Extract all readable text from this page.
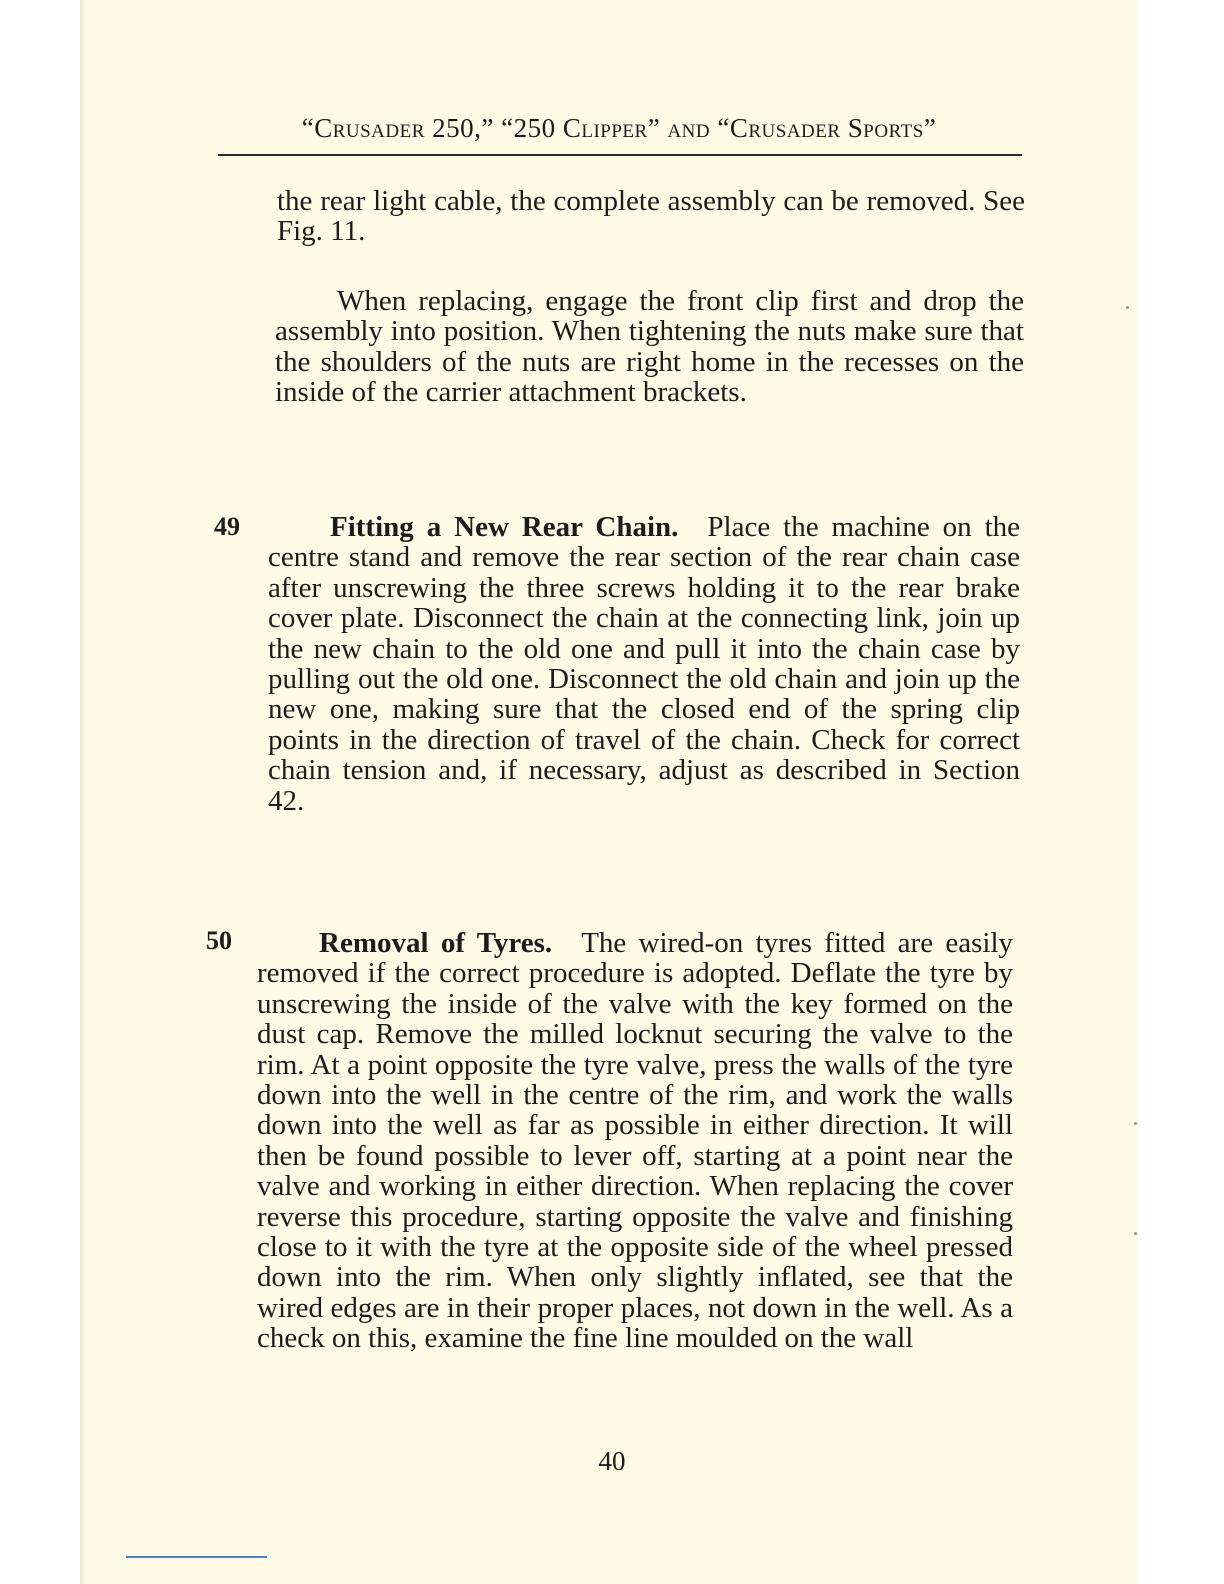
“Crusader 250,” “250 Clipper” and “Crusader Sports”

the rear light cable, the complete assembly can be removed. See Fig. 11.

When replacing, engage the front clip first and drop the assembly into position. When tightening the nuts make sure that the shoulders of the nuts are right home in the recesses on the inside of the carrier attachment brackets.

49	Fitting a New Rear Chain.  Place the machine on the centre stand and remove the rear section of the rear chain case after unscrewing the three screws holding it to the rear brake cover plate. Disconnect the chain at the connecting link, join up the new chain to the old one and pull it into the chain case by pulling out the old one. Disconnect the old chain and join up the new one, making sure that the closed end of the spring clip points in the direction of travel of the chain. Check for correct chain tension and, if necessary, adjust as described in Section 42.

50	Removal of Tyres.  The wired-on tyres fitted are easily removed if the correct procedure is adopted. Deflate the tyre by unscrewing the inside of the valve with the key formed on the dust cap. Remove the milled locknut securing the valve to the rim. At a point opposite the tyre valve, press the walls of the tyre down into the well in the centre of the rim, and work the walls down into the well as far as possible in either direction. It will then be found possible to lever off, starting at a point near the valve and working in either direction. When replacing the cover reverse this procedure, starting opposite the valve and finishing close to it with the tyre at the opposite side of the wheel pressed down into the rim. When only slightly inflated, see that the wired edges are in their proper places, not down in the well. As a check on this, examine the fine line moulded on the wall

40
